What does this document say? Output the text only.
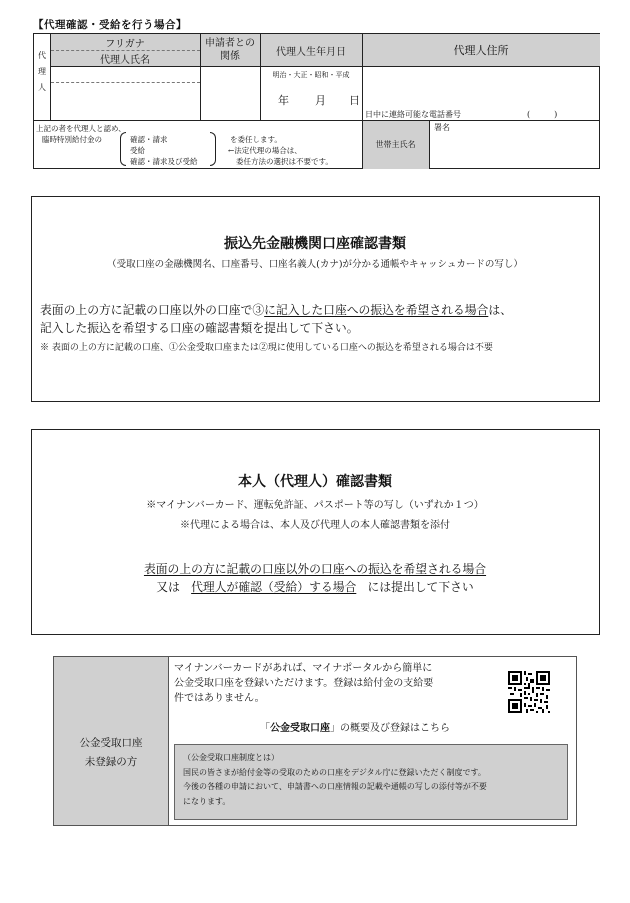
【代理確認・受給を行う場合】
代
理
人
フリガナ
代理人氏名
申請者との関係	代理人生年月日	代理人住所
明治・大正・昭和・平成
年 月 日
日中に連絡可能な電話番号	(　　　)
上記の者を代理人と認め、
臨時特別給付金の	確認・請求
受給
確認・請求及び受給
を委任します。
←法定代理の場合は、
委任方法の選択は不要です。
世帯主氏名
署名
振込先金融機関口座確認書類
（受取口座の金融機関名、口座番号、口座名義人(カナ)が分かる通帳やキャッシュカードの写し）
表面の上の方に記載の口座以外の口座で③に記入した口座への振込を希望される場合は、
記入した振込を希望する口座の確認書類を提出して下さい。
※ 表面の上の方に記載の口座、①公金受取口座または②現に使用している口座への振込を希望される場合は不要
本人（代理人）確認書類
※マイナンバーカード、運転免許証、パスポート等の写し（いずれか１つ）
※代理による場合は、本人及び代理人の本人確認書類を添付
表面の上の方に記載の口座以外の口座への振込を希望される場合
又は 代理人が確認（受給）する場合 には提出して下さい
公金受取口座
未登録の方
マイナンバーカードがあれば、マイナポータルから簡単に
公金受取口座を登録いただけます。登録は給付金の支給要
件ではありません。
「公金受取口座」の概要及び登録はこちら
（公金受取口座制度とは）
国民の皆さまが給付金等の受取のための口座をデジタル庁に登録いただく制度です。
今後の各種の申請において、申請書への口座情報の記載や通帳の写しの添付等が不要
になります。
